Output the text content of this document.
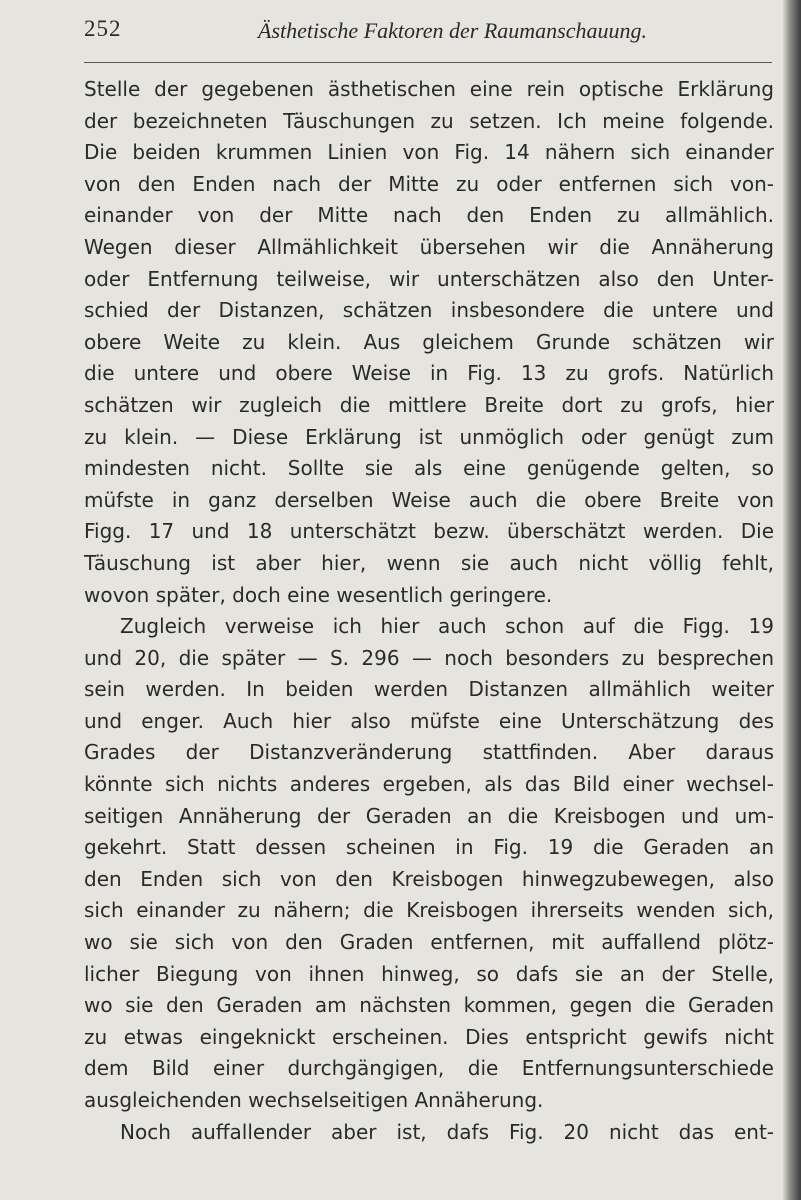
252	Ästhetische Faktoren der Raumanschauung.
Stelle der gegebenen ästhetischen eine rein optische Erklärung
der bezeichneten Täuschungen zu setzen. Ich meine folgende.
Die beiden krummen Linien von Fig. 14 nähern sich einander
von den Enden nach der Mitte zu oder entfernen sich von-
einander von der Mitte nach den Enden zu allmählich.
Wegen dieser Allmählichkeit übersehen wir die Annäherung
oder Entfernung teilweise, wir unterschätzen also den Unter-
schied der Distanzen, schätzen insbesondere die untere und
obere Weite zu klein. Aus gleichem Grunde schätzen wir
die untere und obere Weise in Fig. 13 zu grofs. Natürlich
schätzen wir zugleich die mittlere Breite dort zu grofs, hier
zu klein. — Diese Erklärung ist unmöglich oder genügt zum
mindesten nicht. Sollte sie als eine genügende gelten, so
müfste in ganz derselben Weise auch die obere Breite von
Figg. 17 und 18 unterschätzt bezw. überschätzt werden. Die
Täuschung ist aber hier, wenn sie auch nicht völlig fehlt,
wovon später, doch eine wesentlich geringere.
Zugleich verweise ich hier auch schon auf die Figg. 19
und 20, die später — S. 296 — noch besonders zu besprechen
sein werden. In beiden werden Distanzen allmählich weiter
und enger. Auch hier also müfste eine Unterschätzung des
Grades der Distanzveränderung stattfinden. Aber daraus
könnte sich nichts anderes ergeben, als das Bild einer wechsel-
seitigen Annäherung der Geraden an die Kreisbogen und um-
gekehrt. Statt dessen scheinen in Fig. 19 die Geraden an
den Enden sich von den Kreisbogen hinwegzubewegen, also
sich einander zu nähern; die Kreisbogen ihrerseits wenden sich,
wo sie sich von den Graden entfernen, mit auffallend plötz-
licher Biegung von ihnen hinweg, so dafs sie an der Stelle,
wo sie den Geraden am nächsten kommen, gegen die Geraden
zu etwas eingeknickt erscheinen. Dies entspricht gewifs nicht
dem Bild einer durchgängigen, die Entfernungsunterschiede
ausgleichenden wechselseitigen Annäherung.
Noch auffallender aber ist, dafs Fig. 20 nicht das ent-
